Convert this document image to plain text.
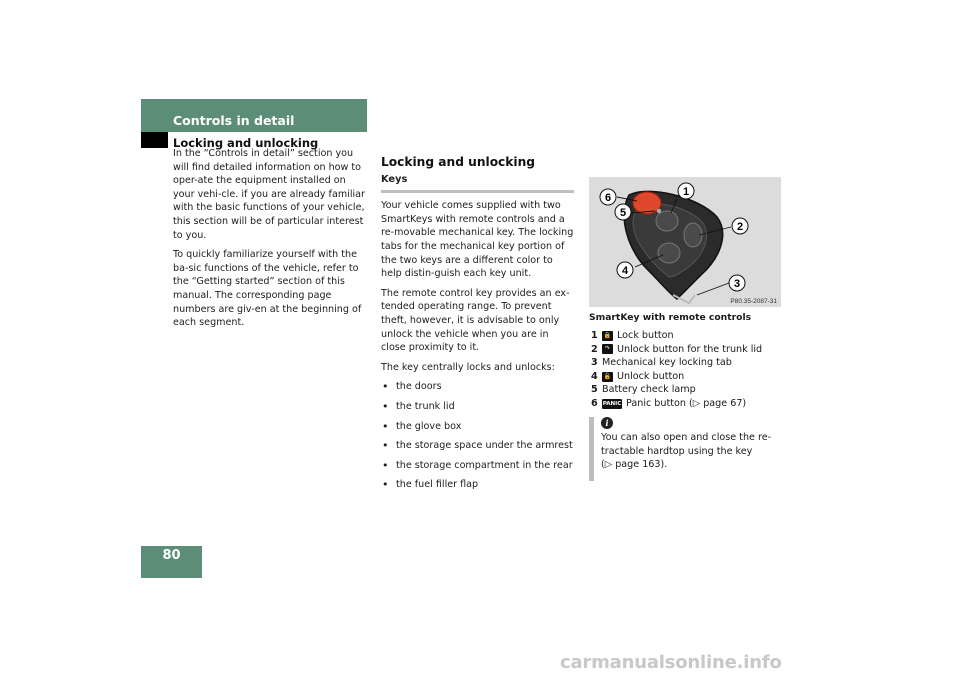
Controls in detail
Locking and unlocking

In the “Controls in detail” section you will find detailed information on how to oper-ate the equipment installed on your vehi-cle. if you are already familiar with the basic functions of your vehicle, this section will be of particular interest to you.

To quickly familiarize yourself with the ba-sic functions of the vehicle, refer to the “Getting started” section of this manual. The corresponding page numbers are giv-en at the beginning of each segment.

Locking and unlocking
Keys

Your vehicle comes supplied with two SmartKeys with remote controls and a re-movable mechanical key. The locking tabs for the mechanical key portion of the two keys are a different color to help distin-guish each key unit.

The remote control key provides an ex-tended operating range. To prevent theft, however, it is advisable to only unlock the vehicle when you are in close proximity to it.

The key centrally locks and unlocks:

• the doors
• the trunk lid
• the glove box
• the storage space under the armrest
• the storage compartment in the rear
• the fuel filler flap
1
2
3
4
5
6
P80.35-2087-31
SmartKey with remote controls
1	🔒 Lock button
2	↷ Unlock button for the trunk lid
3 Mechanical key locking tab
4	🔓 Unlock button
5 Battery check lamp
6 PANIC Panic button ( ▷
page 67)
i
You can also open and close the re-tractable hardtop using the key
(▷ page 163).
80
carmanualsonline.info
